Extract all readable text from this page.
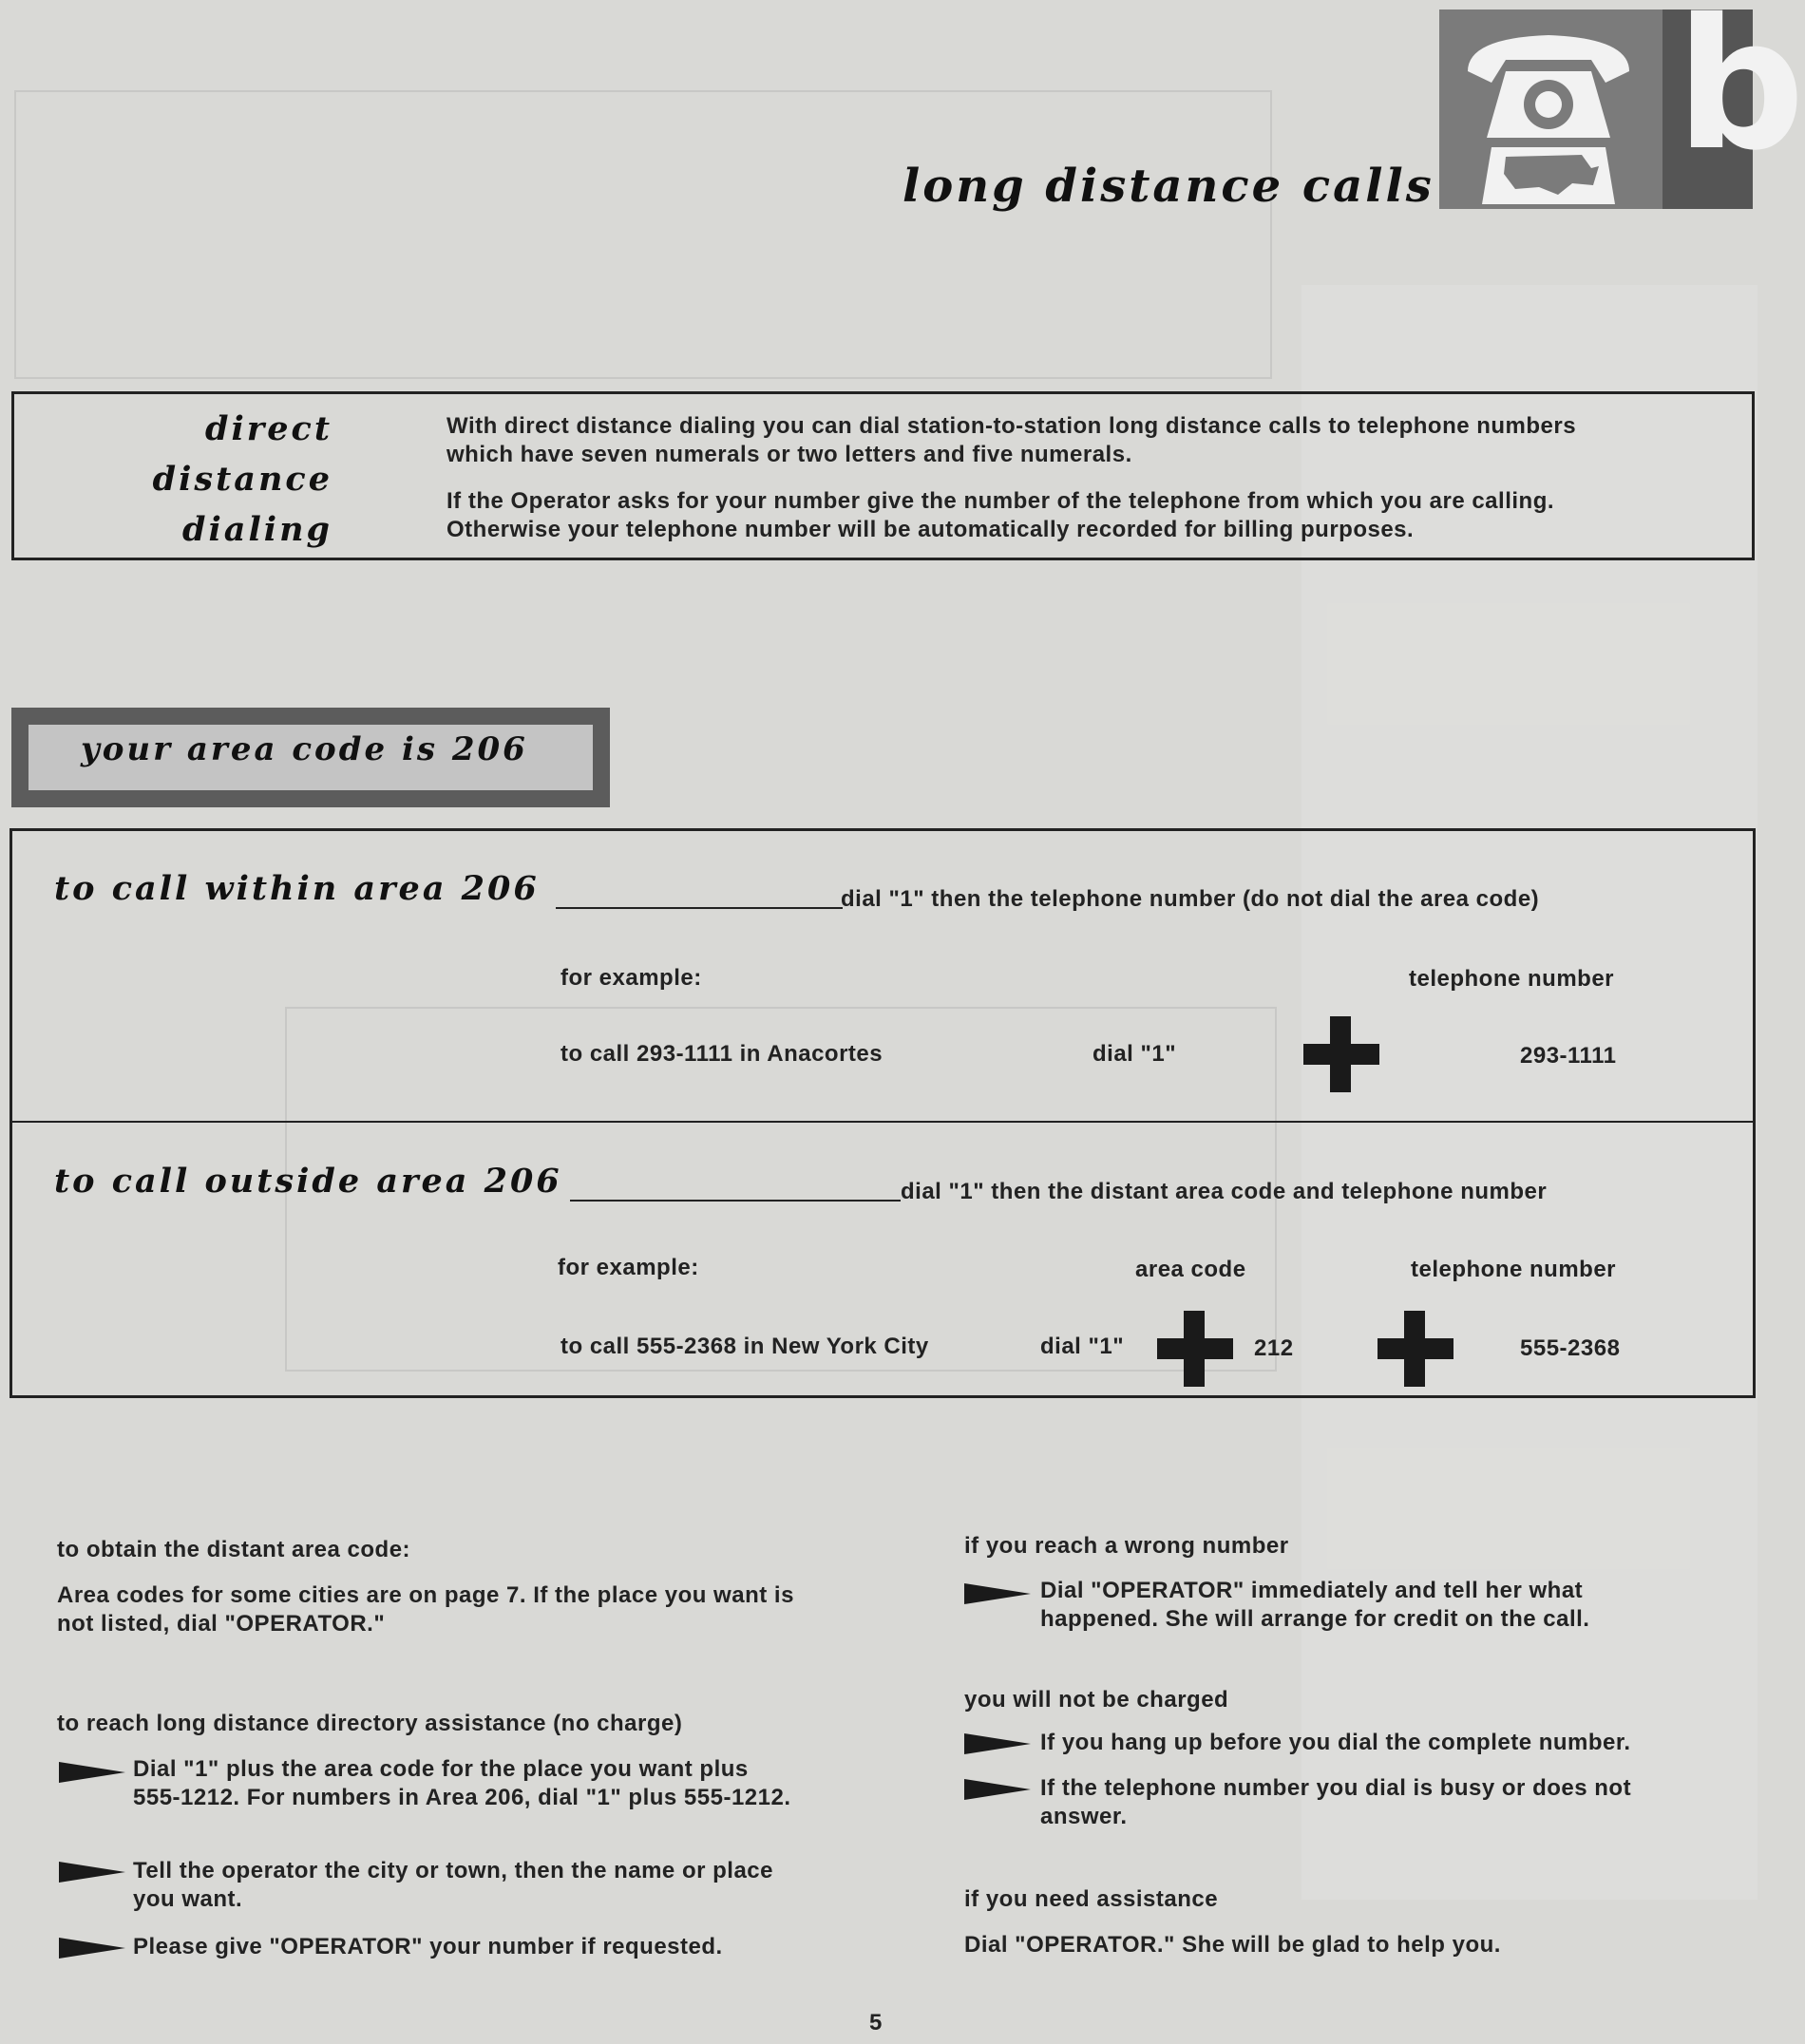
b
long distance calls
direct
distance
dialing
With direct distance dialing you can dial station-to-station long distance calls to telephone numbers which have seven numerals or two letters and five numerals.
If the Operator asks for your number give the number of the telephone from which you are calling. Otherwise your telephone number will be automatically recorded for billing purposes.
your area code is 206
to call within area 206	dial "1" then the telephone number (do not dial the area code)
for example:	telephone number
to call 293-1111 in Anacortes	dial "1"	293-1111
to call outside area 206	dial "1" then the distant area code and telephone number
for example:	area code	telephone number
to call 555-2368 in New York City	dial "1"	212	555-2368
to obtain the distant area code:
Area codes for some cities are on page 7. If the place you want is not listed, dial "OPERATOR."
to reach long distance directory assistance (no charge)
Dial "1" plus the area code for the place you want plus 555-1212. For numbers in Area 206, dial "1" plus 555-1212.
Tell the operator the city or town, then the name or place you want.
Please give "OPERATOR" your number if requested.
if you reach a wrong number
Dial "OPERATOR" immediately and tell her what happened. She will arrange for credit on the call.
you will not be charged
If you hang up before you dial the complete number.
If the telephone number you dial is busy or does not answer.
if you need assistance
Dial "OPERATOR." She will be glad to help you.
5
